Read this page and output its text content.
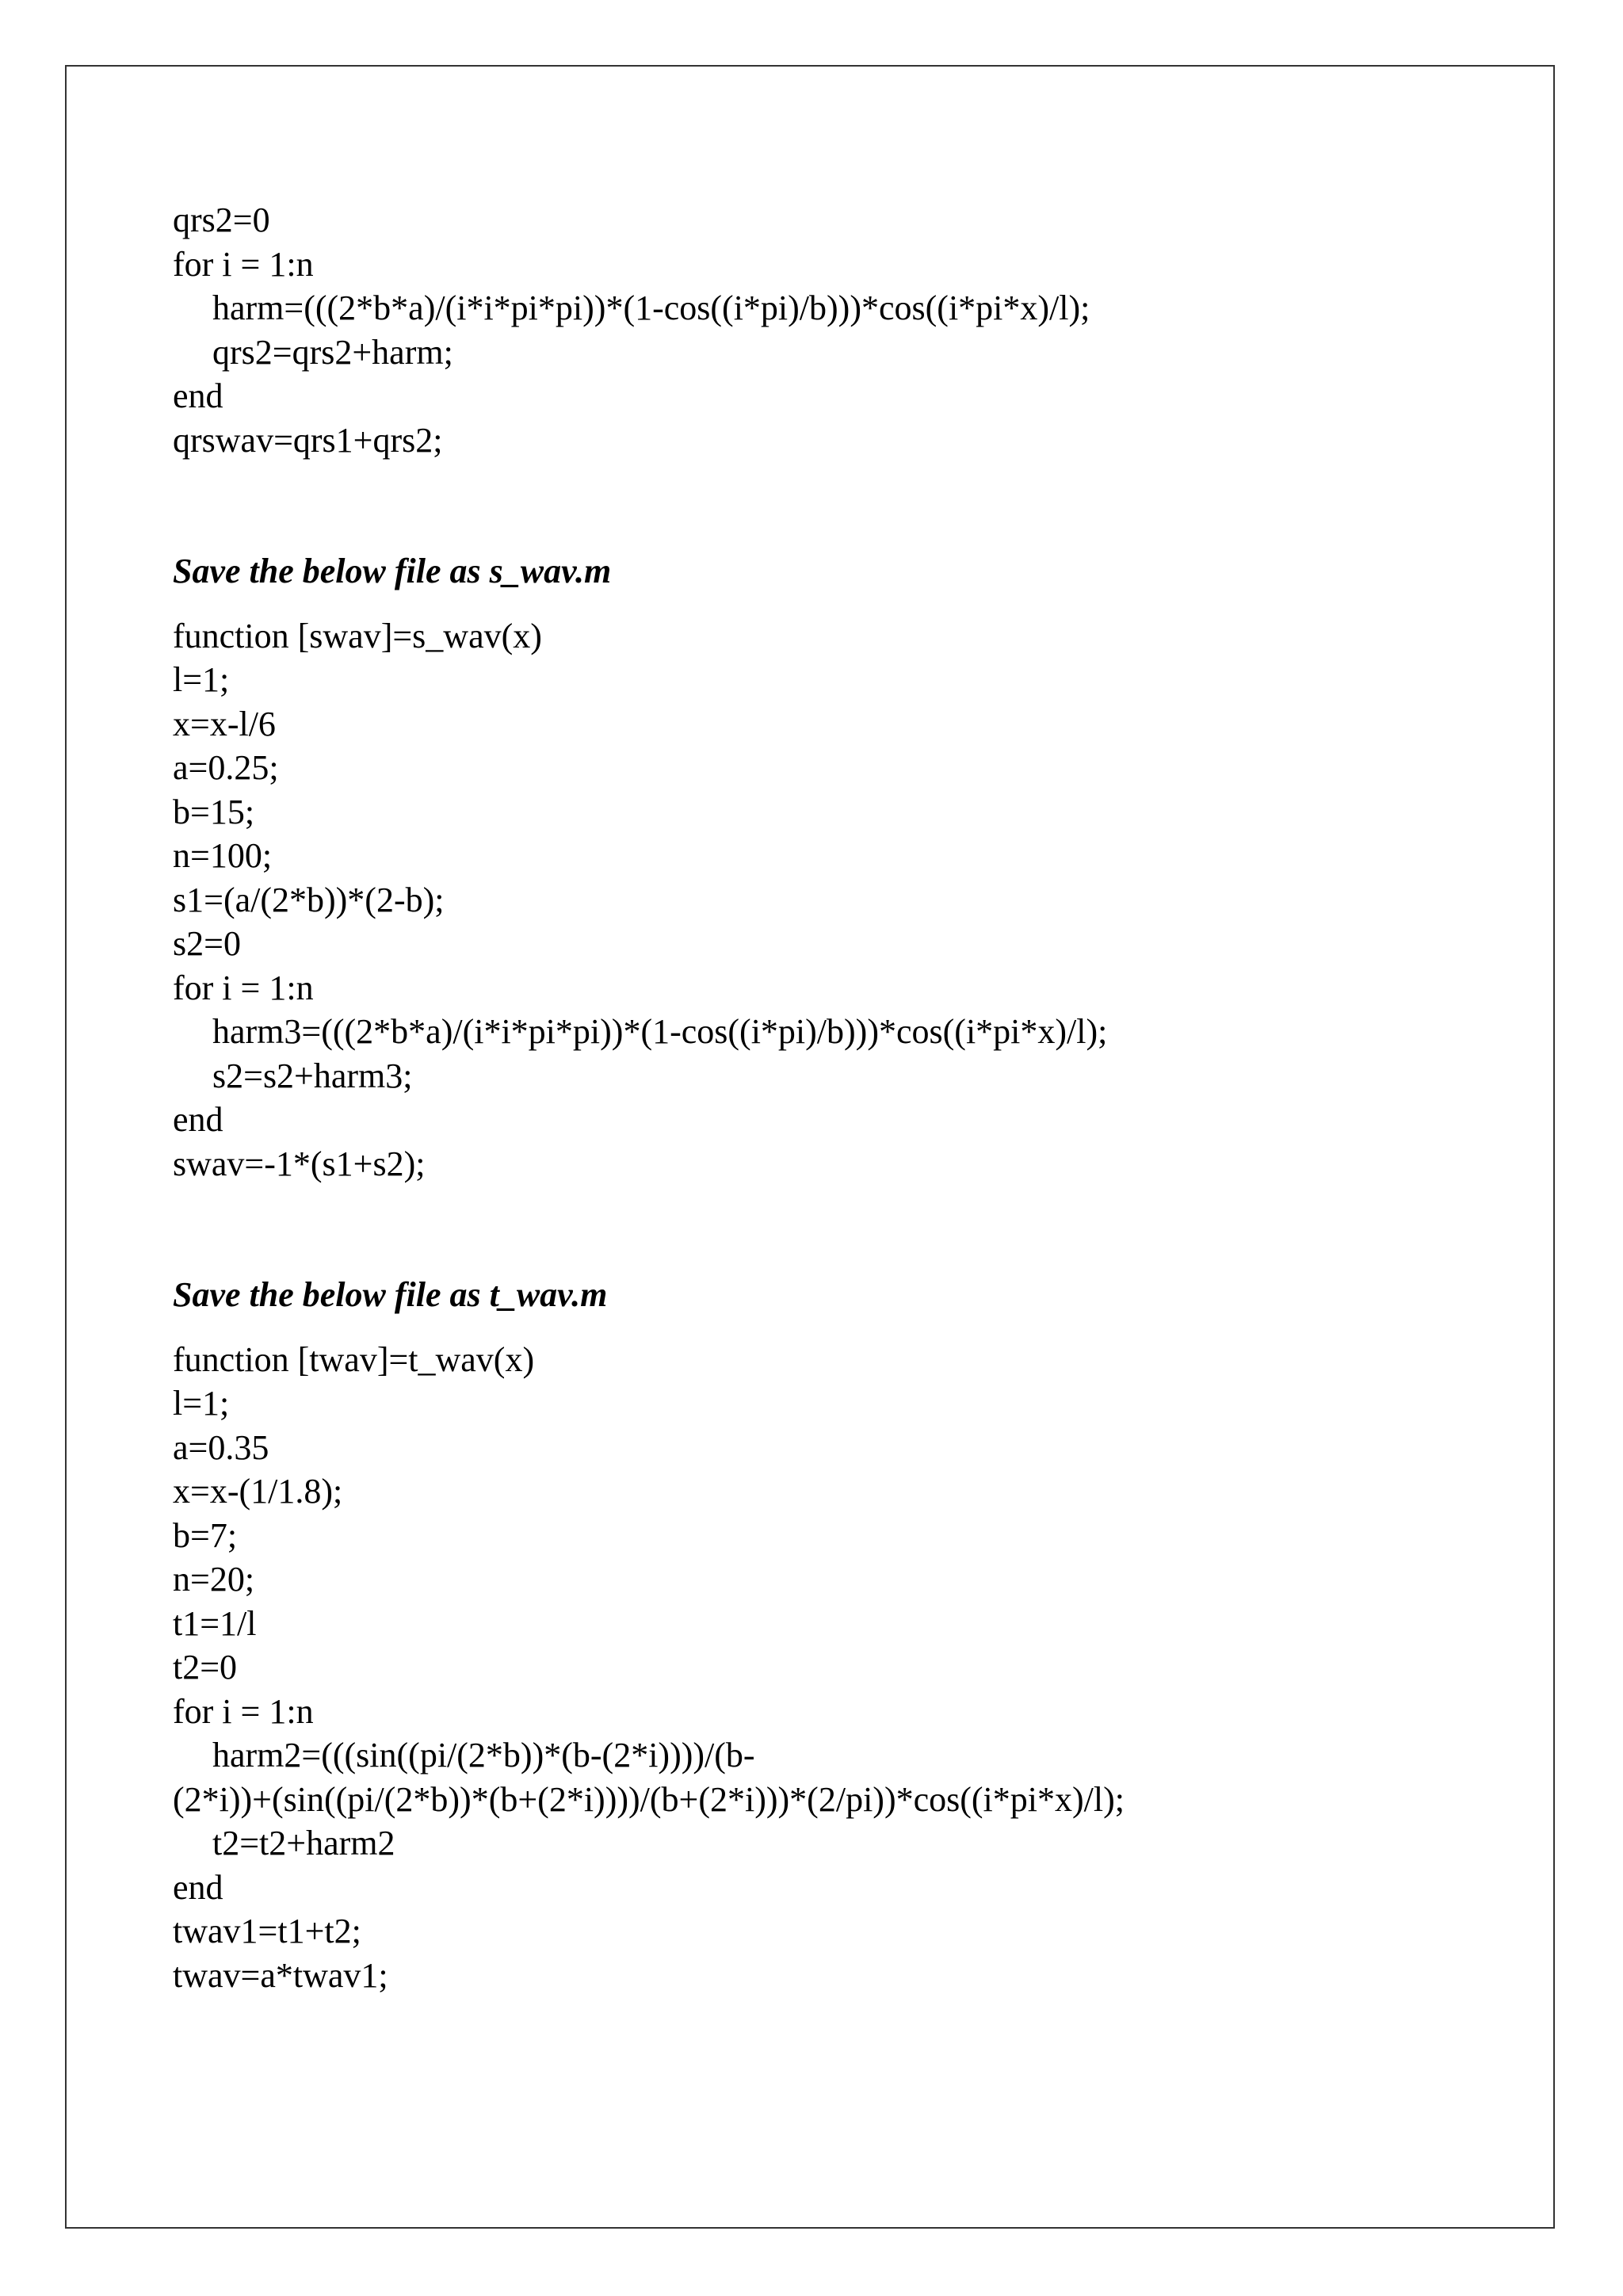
qrs2=0
for i = 1:n
harm=(((2*b*a)/(i*i*pi*pi))*(1-cos((i*pi)/b)))*cos((i*pi*x)/l);
qrs2=qrs2+harm;
end
qrswav=qrs1+qrs2;
Save the below file as s_wav.m
function [swav]=s_wav(x)
l=1;
x=x-l/6
a=0.25;
b=15;
n=100;
s1=(a/(2*b))*(2-b);
s2=0
for i = 1:n
harm3=(((2*b*a)/(i*i*pi*pi))*(1-cos((i*pi)/b)))*cos((i*pi*x)/l);
s2=s2+harm3;
end
swav=-1*(s1+s2);
Save the below file as t_wav.m
function [twav]=t_wav(x)
l=1;
a=0.35
x=x-(1/1.8);
b=7;
n=20;
t1=1/l
t2=0
for i = 1:n
harm2=(((sin((pi/(2*b))*(b-(2*i))))/(b-
(2*i))+(sin((pi/(2*b))*(b+(2*i))))/(b+(2*i)))*(2/pi))*cos((i*pi*x)/l);
t2=t2+harm2
end
twav1=t1+t2;
twav=a*twav1;
